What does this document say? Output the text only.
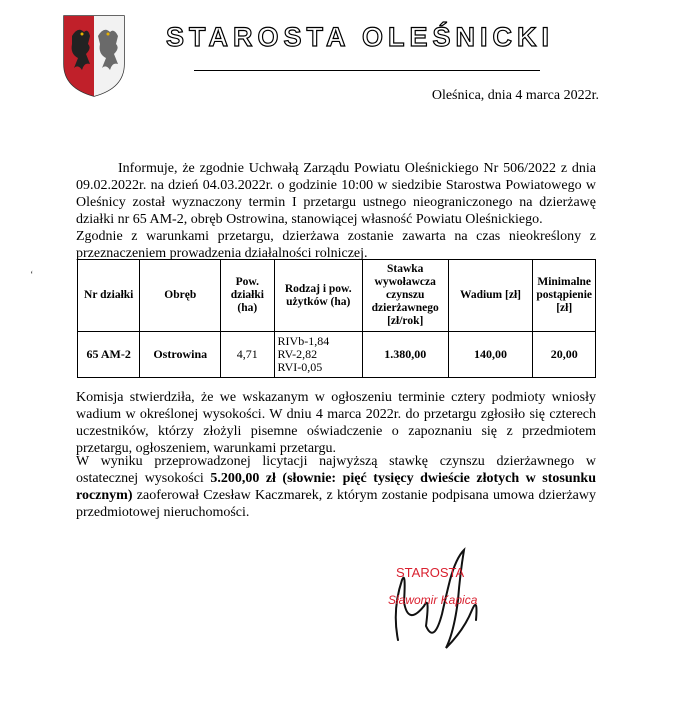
STAROSTA OLEŚNICKI
Oleśnica, dnia 4 marca 2022r.
Informuje, że zgodnie Uchwałą Zarządu Powiatu Oleśnickiego Nr 506/2022 z dnia 09.02.2022r. na dzień 04.03.2022r. o godzinie 10:00 w siedzibie Starostwa Powiatowego w Oleśnicy został wyznaczony termin I przetargu ustnego nieograniczonego na dzierżawę działki nr 65 AM-2, obręb Ostrowina, stanowiącej własność Powiatu Oleśnickiego.
Zgodnie z warunkami przetargu, dzierżawa zostanie zawarta na czas nieokreślony z przeznaczeniem prowadzenia działalności rolniczej.
ʻ
Nr działki	Obręb	Pow. działki (ha)	Rodzaj i pow. użytków (ha)	Stawka wywoławcza czynszu dzierżawnego [zł/rok]	Wadium [zł]	Minimalne postąpienie [zł]
65 AM-2	Ostrowina	4,71	RIVb-1,84
RV-2,82
RVI-0,05	1.380,00	140,00	20,00
Komisja stwierdziła, że we wskazanym w ogłoszeniu terminie cztery podmioty wniosły wadium w określonej wysokości. W dniu 4 marca 2022r. do przetargu zgłosiło się czterech uczestników, którzy złożyli pisemne oświadczenie o zapoznaniu się z przedmiotem przetargu, ogłoszeniem, warunkami przetargu.
W wyniku przeprowadzonej licytacji najwyższą stawkę czynszu dzierżawnego w ostatecznej wysokości 5.200,00 zł (słownie: pięć tysięcy dwieście złotych w stosunku rocznym) zaoferował Czesław Kaczmarek, z którym zostanie podpisana umowa dzierżawy przedmiotowej nieruchomości.
STAROSTA
Sławomir Kapica
